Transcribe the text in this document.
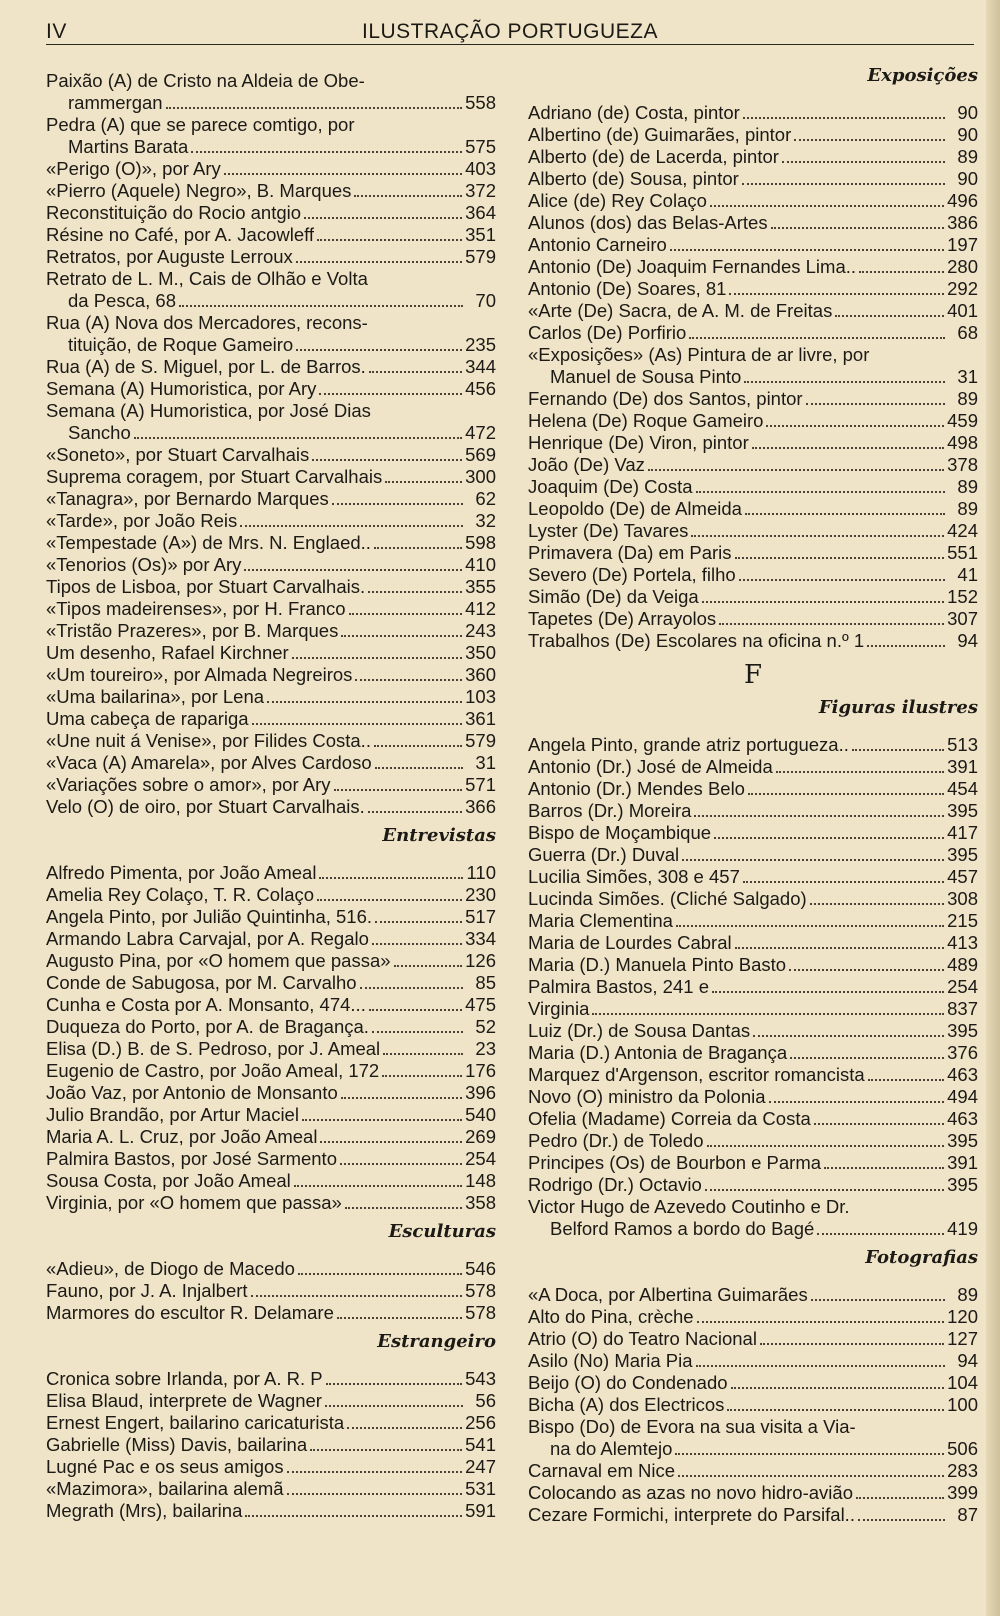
IV	ILUSTRAÇÃO PORTUGUEZA
Paixão (A) de Cristo na Aldeia de Obe-
rammergan	558
Pedra (A) que se parece comtigo, por
Martins Barata	575
«Perigo (O)», por Ary	403
«Pierro (Aquele) Negro», B. Marques	372
Reconstituição do Rocio antgio	364
Résine no Café, por A. Jacowleff	351
Retratos, por Auguste Lerroux	579
Retrato de L. M., Cais de Olhão e Volta
da Pesca, 68	70
Rua (A) Nova dos Mercadores, recons-
tituição, de Roque Gameiro	235
Rua (A) de S. Miguel, por L. de Barros.	344
Semana (A) Humoristica, por Ary	456
Semana (A) Humoristica, por José Dias
Sancho	472
«Soneto», por Stuart Carvalhais	569
Suprema coragem, por Stuart Carvalhais	300
«Tanagra», por Bernardo Marques	62
«Tarde», por João Reis	32
«Tempestade (A») de Mrs. N. Englaed..	598
«Tenorios (Os)» por Ary	410
Tipos de Lisboa, por Stuart Carvalhais.	355
«Tipos madeirenses», por H. Franco	412
«Tristão Prazeres», por B. Marques	243
Um desenho, Rafael Kirchner	350
«Um toureiro», por Almada Negreiros	360
«Uma bailarina», por Lena	103
Uma cabeça de rapariga	361
«Une nuit á Venise», por Filides Costa..	579
«Vaca (A) Amarela», por Alves Cardoso	31
«Variações sobre o amor», por Ary	571
Velo (O) de oiro, por Stuart Carvalhais.	366
Entrevistas
Alfredo Pimenta, por João Ameal	110
Amelia Rey Colaço, T. R. Colaço	230
Angela Pinto, por Julião Quintinha, 516.	517
Armando Labra Carvajal, por A. Regalo	334
Augusto Pina, por «O homem que passa»	126
Conde de Sabugosa, por M. Carvalho	85
Cunha e Costa por A. Monsanto, 474...	475
Duqueza do Porto, por A. de Bragança.	52
Elisa (D.) B. de S. Pedroso, por J. Ameal	23
Eugenio de Castro, por João Ameal, 172	176
João Vaz, por Antonio de Monsanto	396
Julio Brandão, por Artur Maciel	540
Maria A. L. Cruz, por João Ameal	269
Palmira Bastos, por José Sarmento	254
Sousa Costa, por João Ameal	148
Virginia, por «O homem que passa»	358
Esculturas
«Adieu», de Diogo de Macedo	546
Fauno, por J. A. Injalbert	578
Marmores do escultor R. Delamare	578
Estrangeiro
Cronica sobre Irlanda, por A. R. P	543
Elisa Blaud, interprete de Wagner	56
Ernest Engert, bailarino caricaturista	256
Gabrielle (Miss) Davis, bailarina	541
Lugné Pac e os seus amigos	247
«Mazimora», bailarina alemã	531
Megrath (Mrs), bailarina	591
Exposições
Adriano (de) Costa, pintor	90
Albertino (de) Guimarães, pintor	90
Alberto (de) de Lacerda, pintor	89
Alberto (de) Sousa, pintor	90
Alice (de) Rey Colaço	496
Alunos (dos) das Belas-Artes	386
Antonio Carneiro	197
Antonio (De) Joaquim Fernandes Lima..	280
Antonio (De) Soares, 81	292
«Arte (De) Sacra, de A. M. de Freitas	401
Carlos (De) Porfirio	68
«Exposições» (As) Pintura de ar livre, por
Manuel de Sousa Pinto	31
Fernando (De) dos Santos, pintor	89
Helena (De) Roque Gameiro	459
Henrique (De) Viron, pintor	498
João (De) Vaz	378
Joaquim (De) Costa	89
Leopoldo (De) de Almeida	89
Lyster (De) Tavares	424
Primavera (Da) em Paris	551
Severo (De) Portela, filho	41
Simão (De) da Veiga	152
Tapetes (De) Arrayolos	307
Trabalhos (De) Escolares na oficina n.º 1	94
F
Figuras ilustres
Angela Pinto, grande atriz portugueza..	513
Antonio (Dr.) José de Almeida	391
Antonio (Dr.) Mendes Belo	454
Barros (Dr.) Moreira	395
Bispo de Moçambique	417
Guerra (Dr.) Duval	395
Lucilia Simões, 308 e 457	457
Lucinda Simões. (Cliché Salgado)	308
Maria Clementina	215
Maria de Lourdes Cabral	413
Maria (D.) Manuela Pinto Basto	489
Palmira Bastos, 241 e	254
Virginia	837
Luiz (Dr.) de Sousa Dantas	395
Maria (D.) Antonia de Bragança	376
Marquez d'Argenson, escritor romancista	463
Novo (O) ministro da Polonia	494
Ofelia (Madame) Correia da Costa	463
Pedro (Dr.) de Toledo	395
Principes (Os) de Bourbon e Parma	391
Rodrigo (Dr.) Octavio	395
Victor Hugo de Azevedo Coutinho e Dr.
Belford Ramos a bordo do Bagé	419
Fotografias
«A Doca, por Albertina Guimarães	89
Alto do Pina, crèche	120
Atrio (O) do Teatro Nacional	127
Asilo (No) Maria Pia	94
Beijo (O) do Condenado	104
Bicha (A) dos Electricos	100
Bispo (Do) de Evora na sua visita a Via-
na do Alemtejo	506
Carnaval em Nice	283
Colocando as azas no novo hidro-avião	399
Cezare Formichi, interprete do Parsifal..	87
